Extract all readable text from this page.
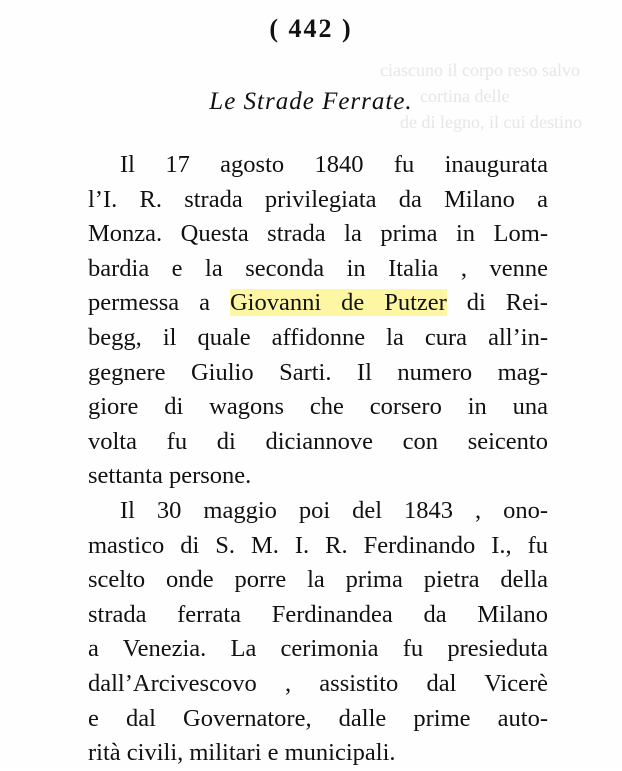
ciascuno il corpo reso salvo
cortina delle
de di legno, il cui destino
( 442 )
Le Strade Ferrate.
Il 17 agosto 1840 fu inaugurata
l’I. R. strada privilegiata da Milano a
Monza. Questa strada la prima in Lom-
bardia e la seconda in Italia , venne
permessa a Giovanni de Putzer di Rei-
begg, il quale affidonne la cura all’in-
gegnere Giulio Sarti. Il numero mag-
giore di wagons che corsero in una
volta fu di diciannove con seicento
settanta persone.
Il 30 maggio poi del 1843 , ono-
mastico di S. M. I. R. Ferdinando I., fu
scelto onde porre la prima pietra della
strada ferrata Ferdinandea da Milano
a Venezia. La cerimonia fu presieduta
dall’Arcivescovo , assistito dal Vicerè
e dal Governatore, dalle prime auto-
rità civili, militari e municipali.
